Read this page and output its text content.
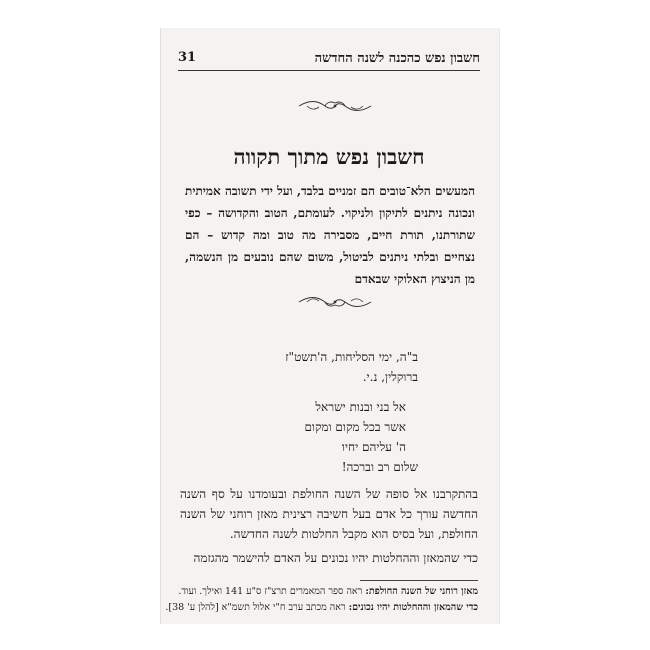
חשבון נפש כהכנה לשנה החדשה
31
חשבון נפש מתוך תקווה
המעשים הלא־טובים הם זמניים בלבד, ועל ידי תשובה אמיתית ונכונה ניתנים לתיקון ולניקוי. לעומתם, הטוב והקדושה – כפי שתורתנו, תורת חיים, מסבירה מה טוב ומה קדוש – הם נצחיים ובלתי ניתנים לביטול, משום שהם נובעים מן הנשמה, מן הניצוץ האלוקי שבאדם
ב"ה, ימי הסליחות, ה'תשט"ז
ברוקלין, נ.י.
אל בני ובנות ישראל
אשר בכל מקום ומקום
ה' עליהם יחיו
שלום רב וברכה!
בהתקרבנו אל סופה של השנה החולפת ובעומדנו על סף השנה החדשה עורך כל אדם בעל חשיבה רצינית מאזן רוחני של השנה החולפת, ועל בסיס הוא מקבל החלטות לשנה החדשה.
כדי שהמאזן וההחלטות יהיו נכונים על האדם להישמר מהגזמה
מאזן רוחני של השנה החולפת: ראה ספר המאמרים תרצ"ז ס"ע 141 ואילך. ועוד.
כדי שהמאזן וההחלטות יהיו נכונים: ראה מכתב ערב ח"י אלול תשמ"א [להלן ע' 38].
